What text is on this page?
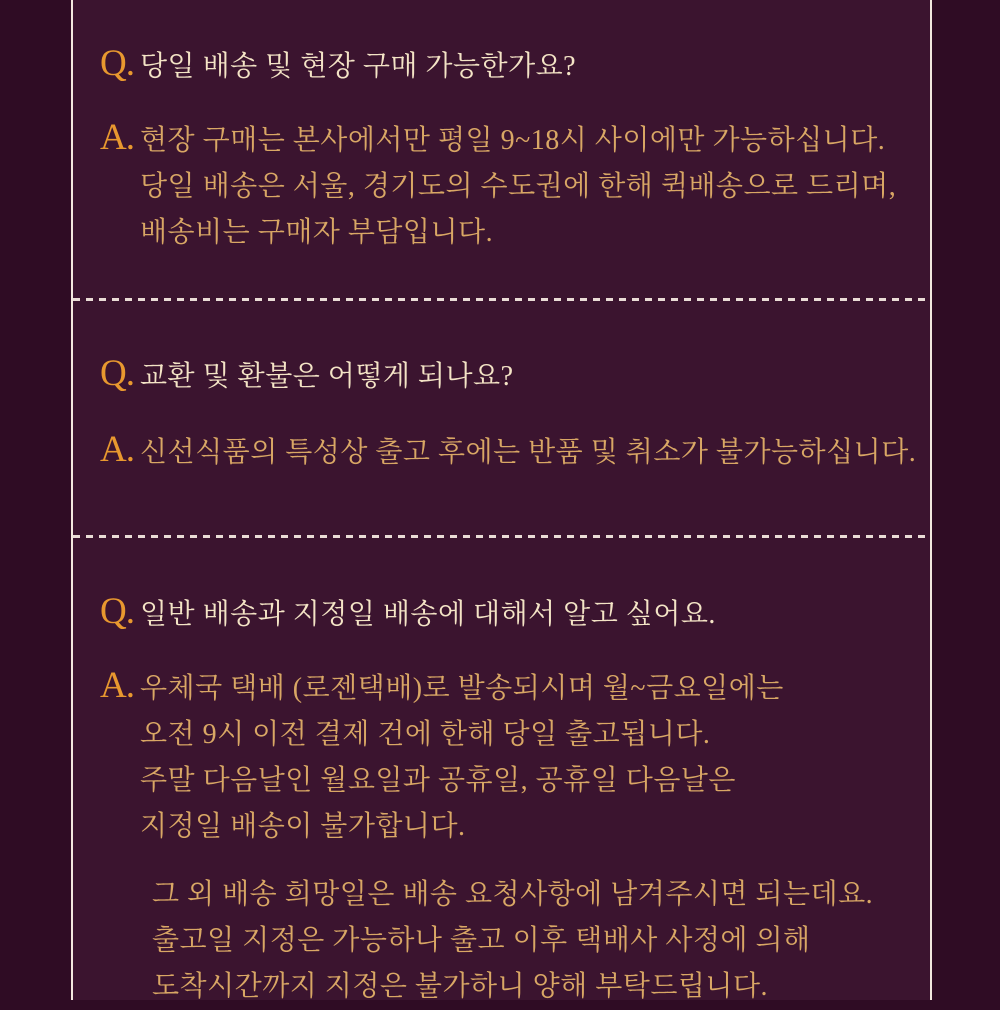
Q. 당일 배송 및 현장 구매 가능한가요?
A. 현장 구매는 본사에서만 평일 9~18시 사이에만 가능하십니다.
당일 배송은 서울, 경기도의 수도권에 한해 퀵배송으로 드리며,
배송비는 구매자 부담입니다.
Q. 교환 및 환불은 어떻게 되나요?
A. 신선식품의 특성상 출고 후에는 반품 및 취소가 불가능하십니다.
Q. 일반 배송과 지정일 배송에 대해서 알고 싶어요.
A. 우체국 택배 (로젠택배)로 발송되시며 월~금요일에는
오전 9시 이전 결제 건에 한해 당일 출고됩니다.
주말 다음날인 월요일과 공휴일, 공휴일 다음날은
지정일 배송이 불가합니다.
그 외 배송 희망일은 배송 요청사항에 남겨주시면 되는데요.
출고일 지정은 가능하나 출고 이후 택배사 사정에 의해
도착시간까지 지정은 불가하니 양해 부탁드립니다.
